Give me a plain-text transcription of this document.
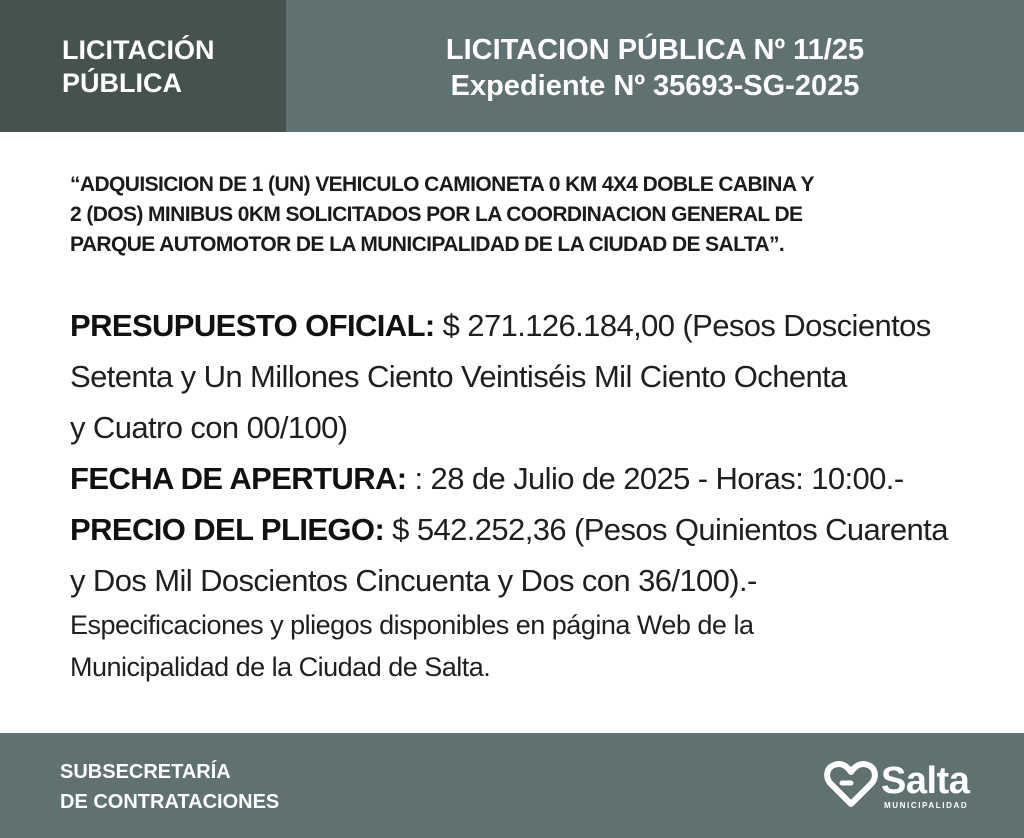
LICITACIÓN
PÚBLICA
LICITACION PÚBLICA Nº 11/25
Expediente Nº 35693-SG-2025
“ADQUISICION DE 1 (UN) VEHICULO CAMIONETA 0 KM 4X4 DOBLE CABINA Y
2 (DOS) MINIBUS 0KM SOLICITADOS POR LA COORDINACION GENERAL DE
PARQUE AUTOMOTOR DE LA MUNICIPALIDAD DE LA CIUDAD DE SALTA”.
PRESUPUESTO OFICIAL: $ 271.126.184,00 (Pesos Doscientos
Setenta y Un Millones Ciento Veintiséis Mil Ciento Ochenta
y Cuatro con 00/100)
FECHA DE APERTURA: : 28 de Julio de 2025 - Horas: 10:00.-
PRECIO DEL PLIEGO: $ 542.252,36 (Pesos Quinientos Cuarenta
y Dos Mil Doscientos Cincuenta y Dos con 36/100).-
Especificaciones y pliegos disponibles en página Web de la
Municipalidad de la Ciudad de Salta.
SUBSECRETARÍA
DE CONTRATACIONES	Salta
MUNICIPALIDAD
